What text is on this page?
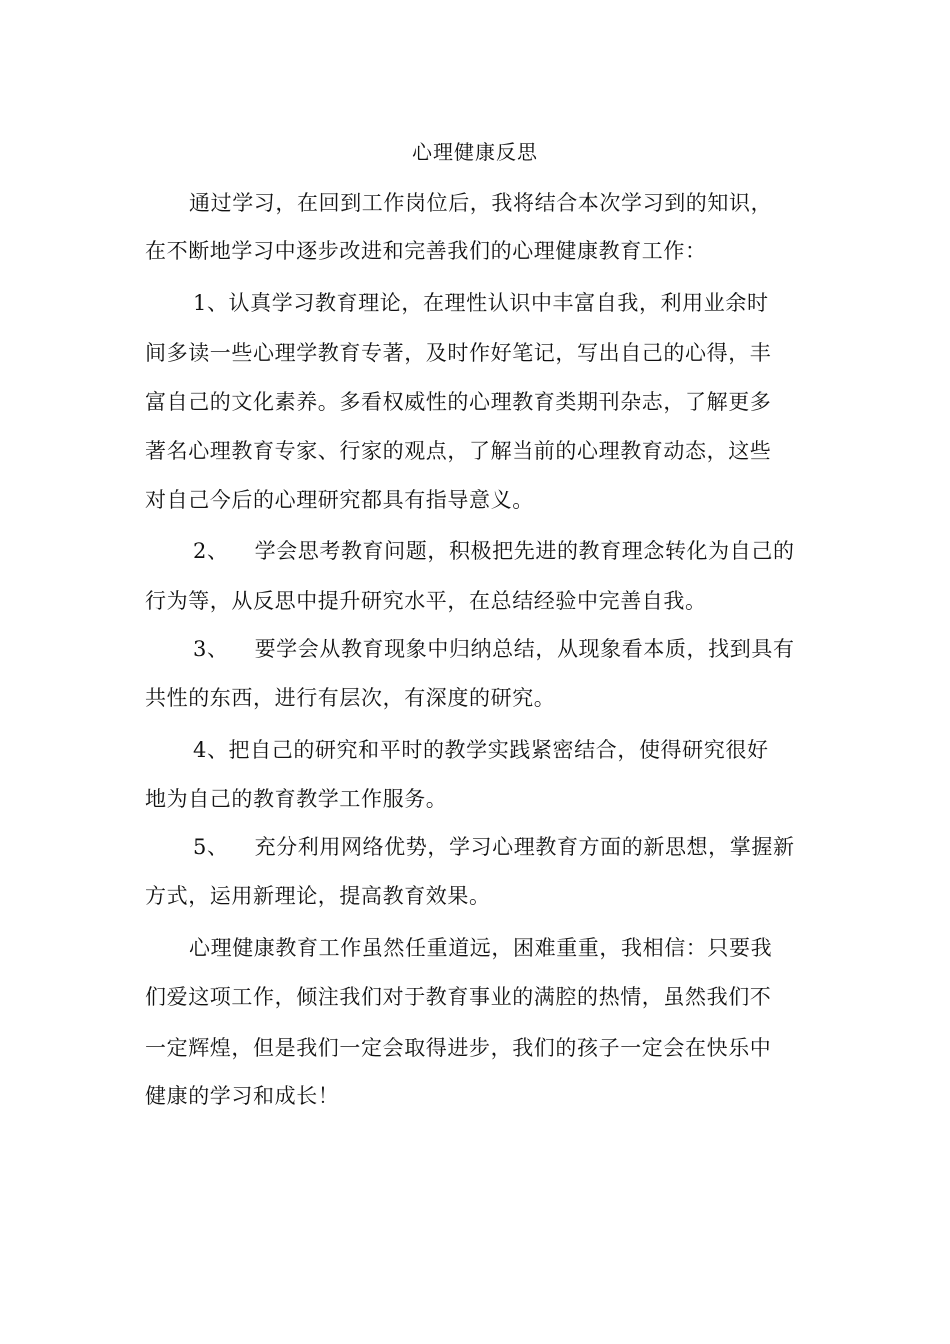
心理健康反思
通过学习，在回到工作岗位后，我将结合本次学习到的知识，
在不断地学习中逐步改进和完善我们的心理健康教育工作：
1、认真学习教育理论，在理性认识中丰富自我，利用业余时
间多读一些心理学教育专著，及时作好笔记，写出自己的心得，丰
富自己的文化素养。多看权威性的心理教育类期刊杂志，了解更多
著名心理教育专家、行家的观点，了解当前的心理教育动态，这些
对自己今后的心理研究都具有指导意义。
2、 学会思考教育问题，积极把先进的教育理念转化为自己的
行为等，从反思中提升研究水平，在总结经验中完善自我。
3、 要学会从教育现象中归纳总结，从现象看本质，找到具有
共性的东西，进行有层次，有深度的研究。
4、把自己的研究和平时的教学实践紧密结合，使得研究很好
地为自己的教育教学工作服务。
5、 充分利用网络优势，学习心理教育方面的新思想，掌握新
方式，运用新理论，提高教育效果。
心理健康教育工作虽然任重道远，困难重重，我相信：只要我
们爱这项工作，倾注我们对于教育事业的满腔的热情，虽然我们不
一定辉煌，但是我们一定会取得进步，我们的孩子一定会在快乐中
健康的学习和成长！
